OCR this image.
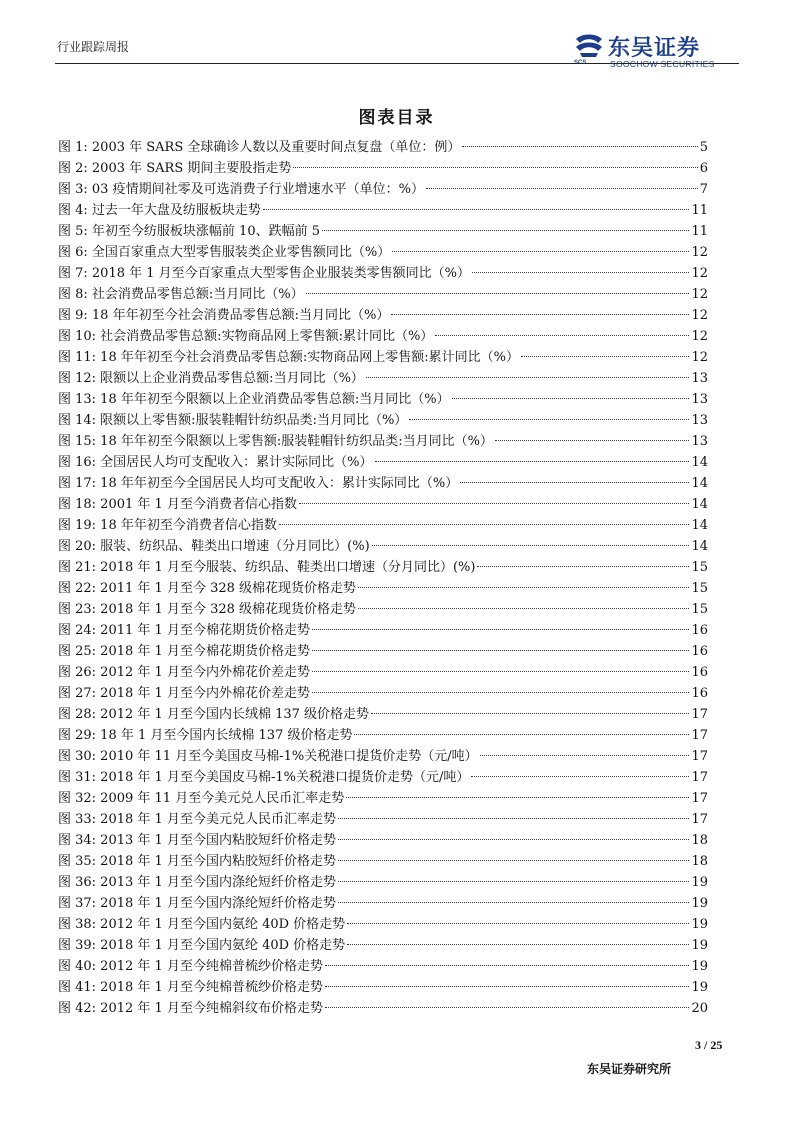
行业跟踪周报
SCS
东吴证券
SOOCHOW SECURITIES
图表目录
图 1: 2003 年 SARS 全球确诊人数以及重要时间点复盘（单位：例）	5
图 2: 2003 年 SARS 期间主要股指走势	6
图 3: 03 疫情期间社零及可选消费子行业增速水平（单位：%）	7
图 4: 过去一年大盘及纺服板块走势	11
图 5: 年初至今纺服板块涨幅前 10、跌幅前 5	11
图 6: 全国百家重点大型零售服装类企业零售额同比（%）	12
图 7: 2018 年 1 月至今百家重点大型零售企业服装类零售额同比（%）	12
图 8: 社会消费品零售总额:当月同比（%）	12
图 9: 18 年年初至今社会消费品零售总额:当月同比（%）	12
图 10: 社会消费品零售总额:实物商品网上零售额:累计同比（%）	12
图 11: 18 年年初至今社会消费品零售总额:实物商品网上零售额:累计同比（%）	12
图 12: 限额以上企业消费品零售总额:当月同比（%）	13
图 13: 18 年年初至今限额以上企业消费品零售总额:当月同比（%）	13
图 14: 限额以上零售额:服装鞋帽针纺织品类:当月同比（%）	13
图 15: 18 年年初至今限额以上零售额:服装鞋帽针纺织品类:当月同比（%）	13
图 16: 全国居民人均可支配收入：累计实际同比（%）	14
图 17: 18 年年初至今全国居民人均可支配收入：累计实际同比（%）	14
图 18: 2001 年 1 月至今消费者信心指数	14
图 19: 18 年年初至今消费者信心指数	14
图 20: 服装、纺织品、鞋类出口增速（分月同比）(%)	14
图 21: 2018 年 1 月至今服装、纺织品、鞋类出口增速（分月同比）(%)	15
图 22: 2011 年 1 月至今 328 级棉花现货价格走势	15
图 23: 2018 年 1 月至今 328 级棉花现货价格走势	15
图 24: 2011 年 1 月至今棉花期货价格走势	16
图 25: 2018 年 1 月至今棉花期货价格走势	16
图 26: 2012 年 1 月至今内外棉花价差走势	16
图 27: 2018 年 1 月至今内外棉花价差走势	16
图 28: 2012 年 1 月至今国内长绒棉 137 级价格走势	17
图 29: 18 年 1 月至今国内长绒棉 137 级价格走势	17
图 30: 2010 年 11 月至今美国皮马棉-1%关税港口提货价走势（元/吨）	17
图 31: 2018 年 1 月至今美国皮马棉-1%关税港口提货价走势（元/吨）	17
图 32: 2009 年 11 月至今美元兑人民币汇率走势	17
图 33: 2018 年 1 月至今美元兑人民币汇率走势	17
图 34: 2013 年 1 月至今国内粘胶短纤价格走势	18
图 35: 2018 年 1 月至今国内粘胶短纤价格走势	18
图 36: 2013 年 1 月至今国内涤纶短纤价格走势	19
图 37: 2018 年 1 月至今国内涤纶短纤价格走势	19
图 38: 2012 年 1 月至今国内氨纶 40D 价格走势	19
图 39: 2018 年 1 月至今国内氨纶 40D 价格走势	19
图 40: 2012 年 1 月至今纯棉普梳纱价格走势	19
图 41: 2018 年 1 月至今纯棉普梳纱价格走势	19
图 42: 2012 年 1 月至今纯棉斜纹布价格走势	20
3 / 25
东吴证券研究所
